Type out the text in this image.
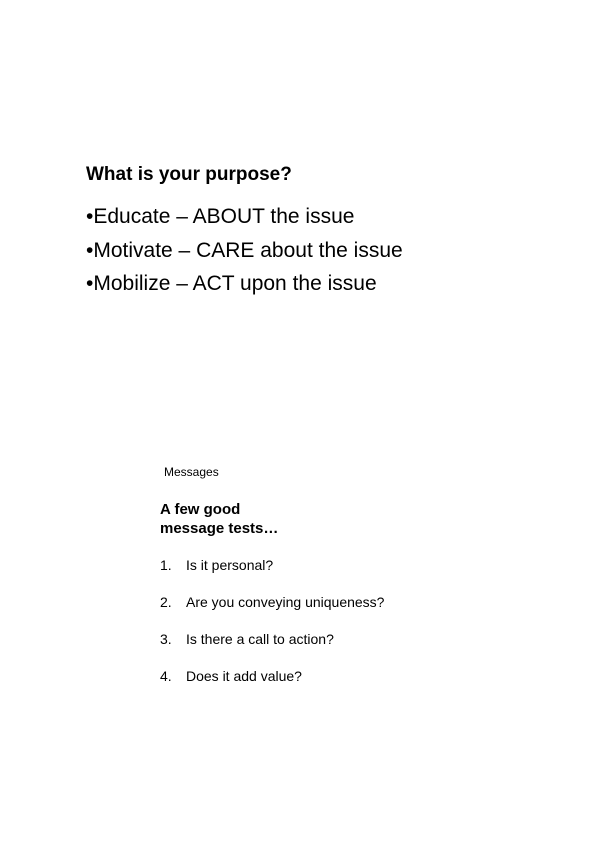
What is your purpose?
•Educate – ABOUT the issue
•Motivate – CARE about the issue
•Mobilize – ACT upon the issue
Messages
A few good
message tests…
1. Is it personal?
2. Are you conveying uniqueness?
3. Is there a call to action?
4. Does it add value?
